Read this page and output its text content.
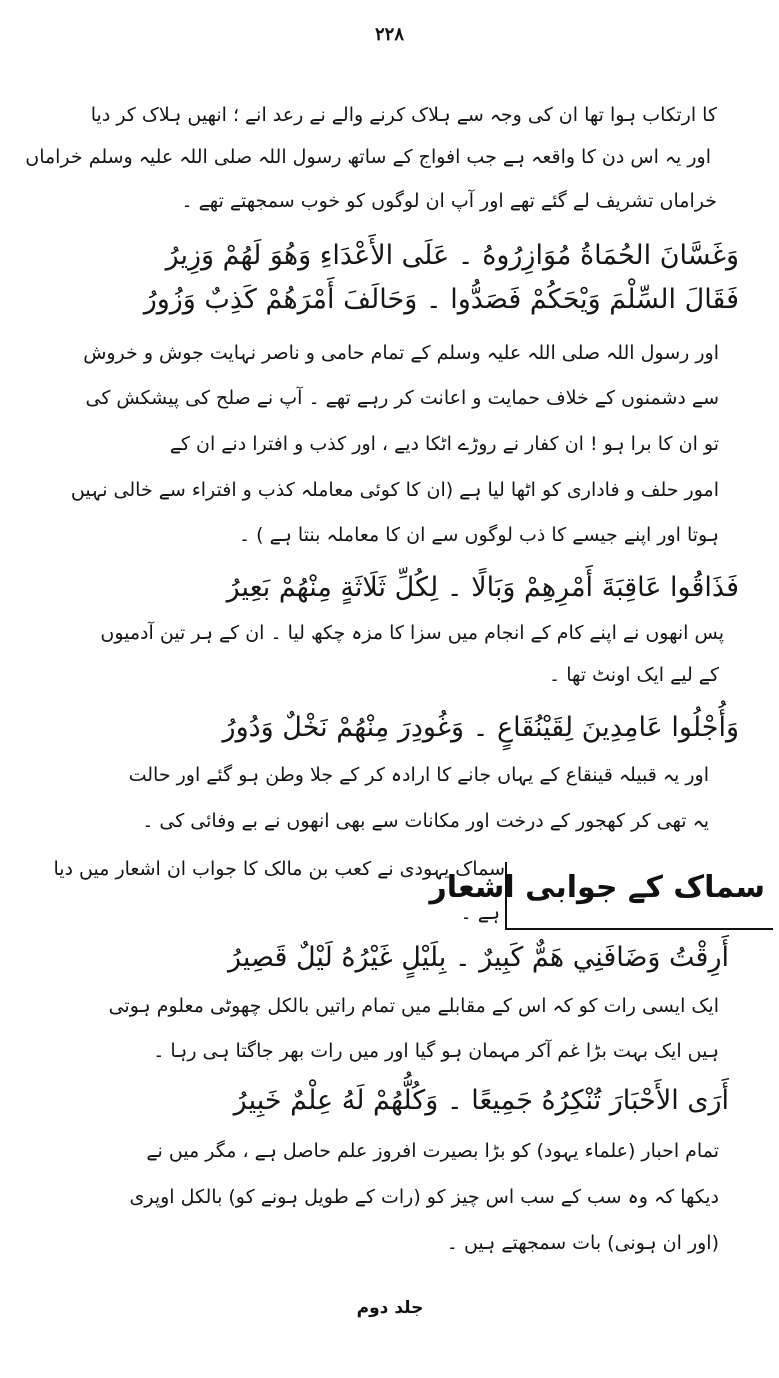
۲۲۸
کا ارتکاب ہوا تھا ان کی وجہ سے ہلاک کرنے والے نے رعد انے ؛ انھیں ہلاک کر دیا
اور یہ اس دن کا واقعہ ہے جب افواج کے ساتھ رسول اللہ صلی اللہ علیہ وسلم خراماں
خراماں تشریف لے گئے تھے اور آپ ان لوگوں کو خوب سمجھتے تھے ۔
وَغَسَّانَ الحُمَاةُ مُوَازِرُوهُ ۔ عَلَى الأَعْدَاءِ وَهُوَ لَهُمْ وَزِيرُ
فَقَالَ السِّلْمَ وَيْحَكُمْ فَصَدُّوا ۔ وَحَالَفَ أَمْرَهُمْ كَذِبٌ وَزُورُ
اور رسول اللہ صلی اللہ علیہ وسلم کے تمام حامی و ناصر نہایت جوش و خروش
سے دشمنوں کے خلاف حمایت و اعانت کر رہے تھے ۔ آپ نے صلح کی پیشکش کی
تو ان کا برا ہو ! ان کفار نے روڑے اٹکا دیے ، اور کذب و افترا دنے ان کے
امور حلف و فاداری کو اٹھا لیا ہے (ان کا کوئی معاملہ کذب و افتراء سے خالی نہیں
ہوتا اور اپنے جیسے کا ذب لوگوں سے ان کا معاملہ بنتا ہے ) ۔
فَذَاقُوا عَاقِبَةَ أَمْرِهِمْ وَبَالًا ۔ لِكُلِّ ثَلَاثَةٍ مِنْهُمْ بَعِيرُ
پس انھوں نے اپنے کام کے انجام میں سزا کا مزہ چکھ لیا ۔ ان کے ہر تین آدمیوں
کے لیے ایک اونٹ تھا ۔
وَأُجْلُوا عَامِدِينَ لِقَيْنُقَاعٍ ۔ وَغُودِرَ مِنْهُمْ نَخْلٌ وَدُورُ
اور یہ قبیلہ قینقاع کے یہاں جانے کا ارادہ کر کے جلا وطن ہو گئے اور حالت
یہ تھی کر کھجور کے درخت اور مکانات سے بھی انھوں نے بے وفائی کی ۔
سماک یہودی نے کعب بن مالک کا جواب ان اشعار میں دیا
سماک کے جوابی اشعار
ہے ۔
أَرِقْتُ وَضَافَنِي هَمٌّ كَبِيرٌ ۔ بِلَيْلٍ غَيْرُهُ لَيْلٌ قَصِيرُ
ایک ایسی رات کو کہ اس کے مقابلے میں تمام راتیں بالکل چھوٹی معلوم ہوتی
ہیں ایک بہت بڑا غم آکر مہمان ہو گیا اور میں رات بھر جاگتا ہی رہا ۔
أَرَى الأَحْبَارَ تُنْكِرُهُ جَمِيعًا ۔ وَكُلُّهُمْ لَهُ عِلْمٌ خَبِيرُ
تمام احبار (علماء یہود) کو بڑا بصیرت افروز علم حاصل ہے ، مگر میں نے
دیکھا کہ وہ سب کے سب اس چیز کو (رات کے طویل ہونے کو) بالکل اوپری
(اور ان ہونی) بات سمجھتے ہیں ۔
جلد دوم
